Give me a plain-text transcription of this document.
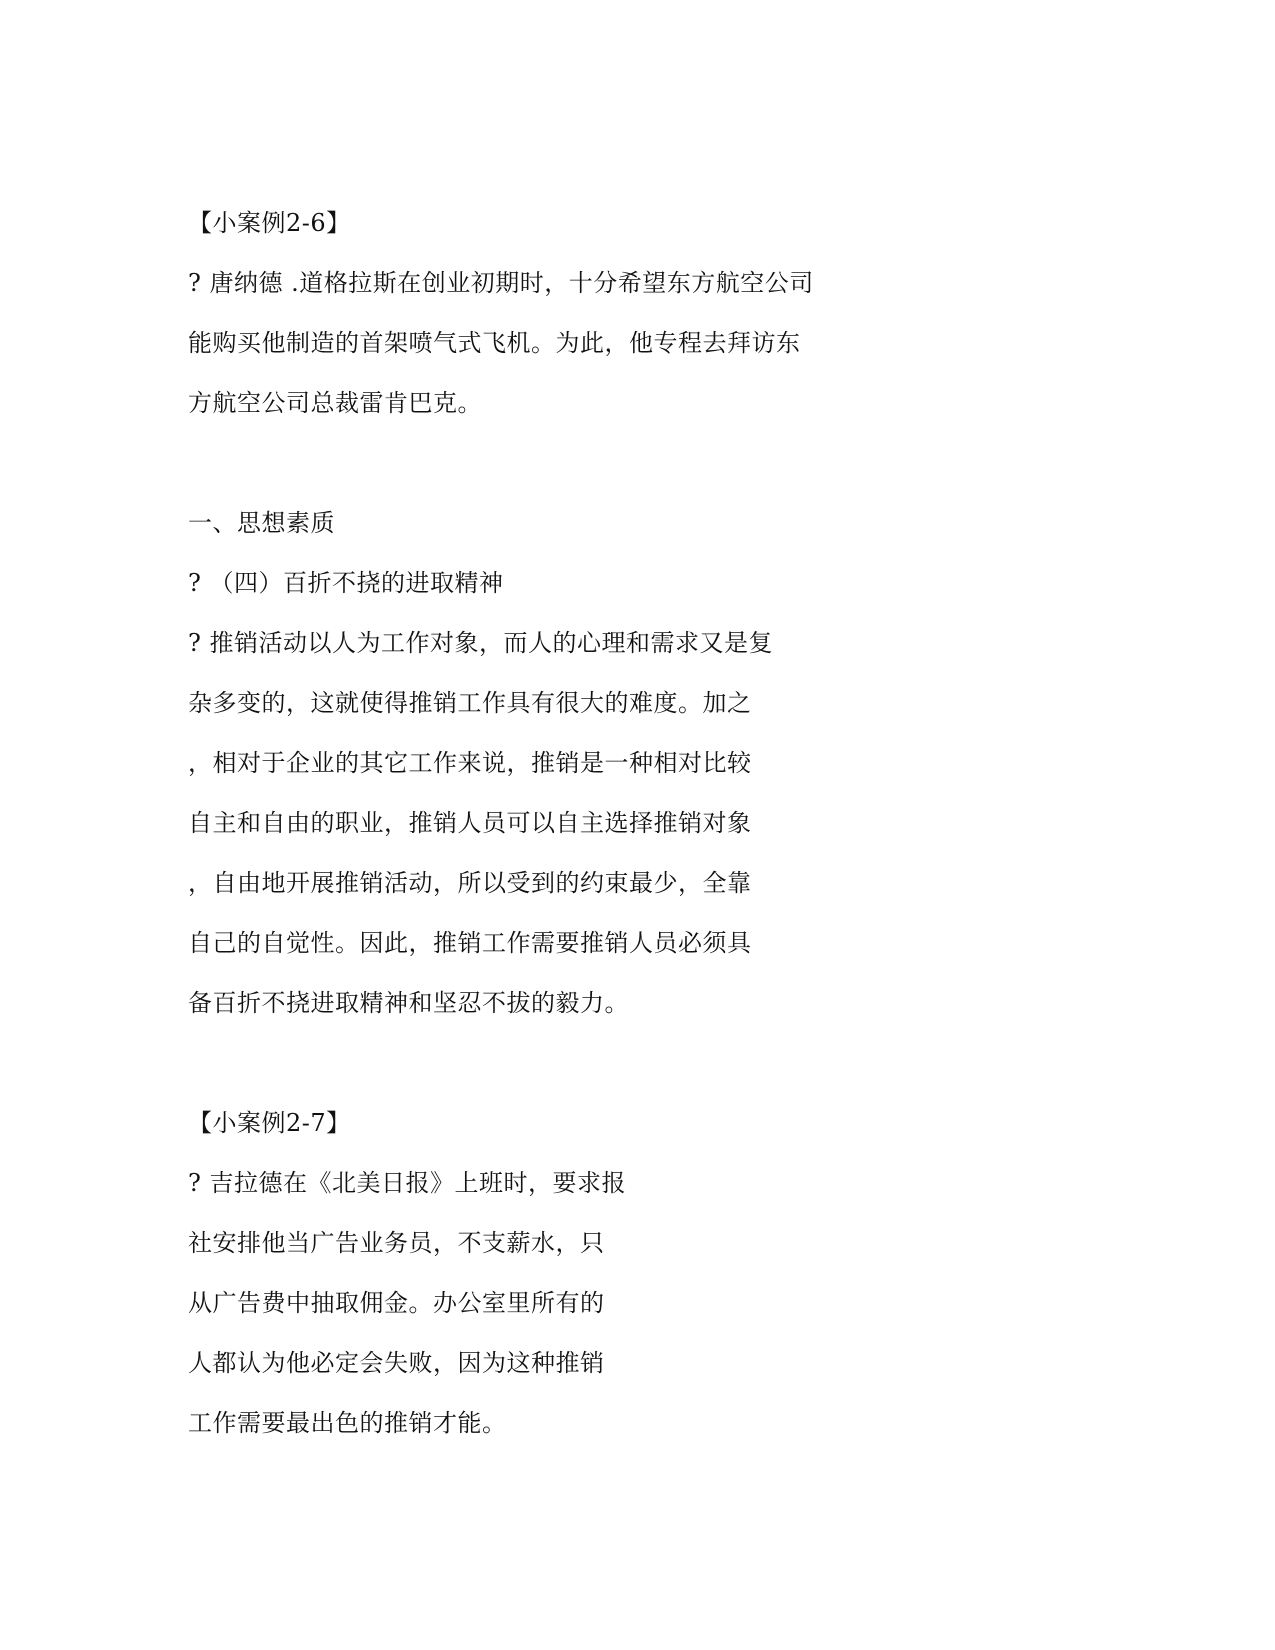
【小案例2-6】
? 唐纳德 .道格拉斯在创业初期时，十分希望东方航空公司
能购买他制造的首架喷气式飞机。为此，他专程去拜访东
方航空公司总裁雷肯巴克。
一、思想素质
? （四）百折不挠的进取精神
? 推销活动以人为工作对象，而人的心理和需求又是复
杂多变的，这就使得推销工作具有很大的难度。加之
，相对于企业的其它工作来说，推销是一种相对比较
自主和自由的职业，推销人员可以自主选择推销对象
，自由地开展推销活动，所以受到的约束最少，全靠
自己的自觉性。因此，推销工作需要推销人员必须具
备百折不挠进取精神和坚忍不拔的毅力。
【小案例2-7】
? 吉拉德在《北美日报》上班时，要求报
社安排他当广告业务员，不支薪水，只
从广告费中抽取佣金。办公室里所有的
人都认为他必定会失败，因为这种推销
工作需要最出色的推销才能。
